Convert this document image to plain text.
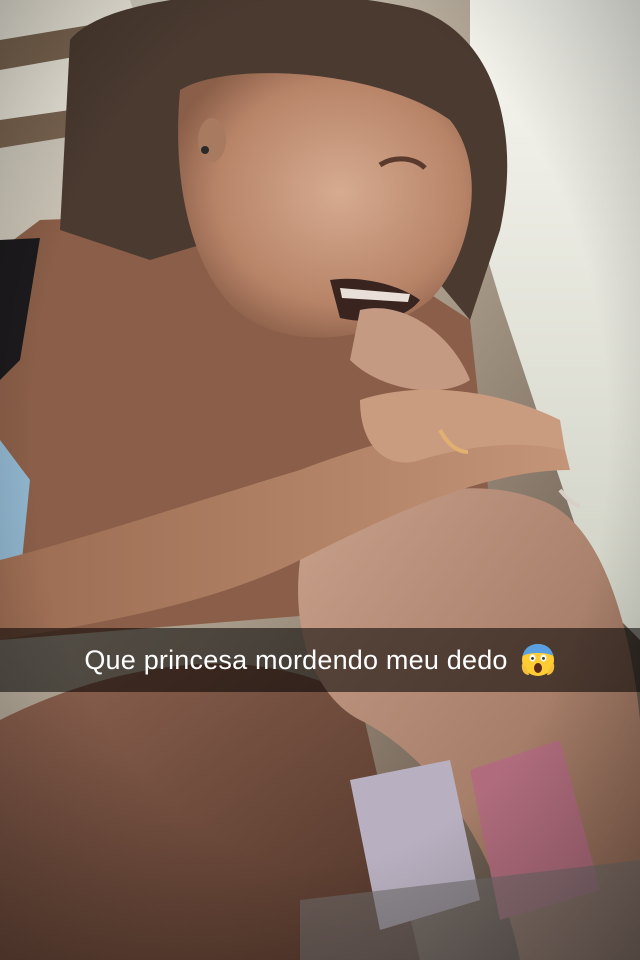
Que princesa mordendo meu dedo
